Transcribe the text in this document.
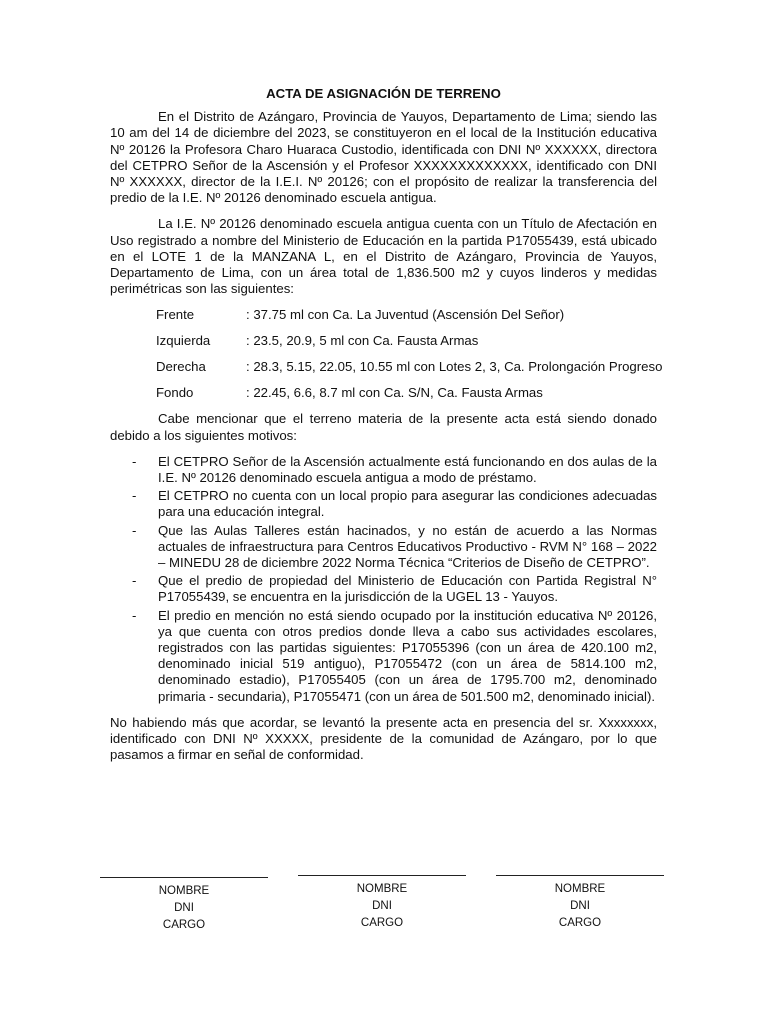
ACTA DE ASIGNACIÓN DE TERRENO

En el Distrito de Azángaro, Provincia de Yauyos, Departamento de Lima; siendo las 10 am del 14 de diciembre del 2023, se constituyeron en el local de la Institución educativa Nº 20126 la Profesora Charo Huaraca Custodio, identificada con DNI Nº XXXXXX, directora del CETPRO Señor de la Ascensión y el Profesor XXXXXXXXXXXXX, identificado con DNI Nº XXXXXX, director de la I.E.I. Nº 20126; con el propósito de realizar la transferencia del predio de la I.E. Nº 20126 denominado escuela antigua.

La I.E. Nº 20126 denominado escuela antigua cuenta con un Título de Afectación en Uso registrado a nombre del Ministerio de Educación en la partida P17055439, está ubicado en el LOTE 1 de la MANZANA L, en el Distrito de Azángaro, Provincia de Yauyos, Departamento de Lima, con un área total de 1,836.500 m2 y cuyos linderos y medidas perimétricas son las siguientes:

Frente	: 37.75 ml con Ca. La Juventud (Ascensión Del Señor)
Izquierda	: 23.5, 20.9, 5 ml con Ca. Fausta Armas
Derecha	: 28.3, 5.15, 22.05, 10.55 ml con Lotes 2, 3, Ca. Prolongación Progreso
Fondo	: 22.45, 6.6, 8.7 ml con Ca. S/N, Ca. Fausta Armas

Cabe mencionar que el terreno materia de la presente acta está siendo donado debido a los siguientes motivos:

-	El CETPRO Señor de la Ascensión actualmente está funcionando en dos aulas de la I.E. Nº 20126 denominado escuela antigua a modo de préstamo.
-	El CETPRO no cuenta con un local propio para asegurar las condiciones adecuadas para una educación integral.
-	Que las Aulas Talleres están hacinados, y no están de acuerdo a las Normas actuales de infraestructura para Centros Educativos Productivo - RVM N° 168 – 2022 – MINEDU 28 de diciembre 2022 Norma Técnica “Criterios de Diseño de CETPRO”.
-	Que el predio de propiedad del Ministerio de Educación con Partida Registral N° P17055439, se encuentra en la jurisdicción de la UGEL 13 - Yauyos.
-	El predio en mención no está siendo ocupado por la institución educativa Nº 20126, ya que cuenta con otros predios donde lleva a cabo sus actividades escolares, registrados con las partidas siguientes: P17055396 (con un área de 420.100 m2, denominado inicial 519 antiguo), P17055472 (con un área de 5814.100 m2, denominado estadio), P17055405 (con un área de 1795.700 m2, denominado primaria - secundaria), P17055471 (con un área de 501.500 m2, denominado inicial).

No habiendo más que acordar, se levantó la presente acta en presencia del sr. Xxxxxxxx, identificado con DNI Nº XXXXX, presidente de la comunidad de Azángaro, por lo que pasamos a firmar en señal de conformidad.

NOMBRE
DNI
CARGO
NOMBRE
DNI
CARGO
NOMBRE
DNI
CARGO
